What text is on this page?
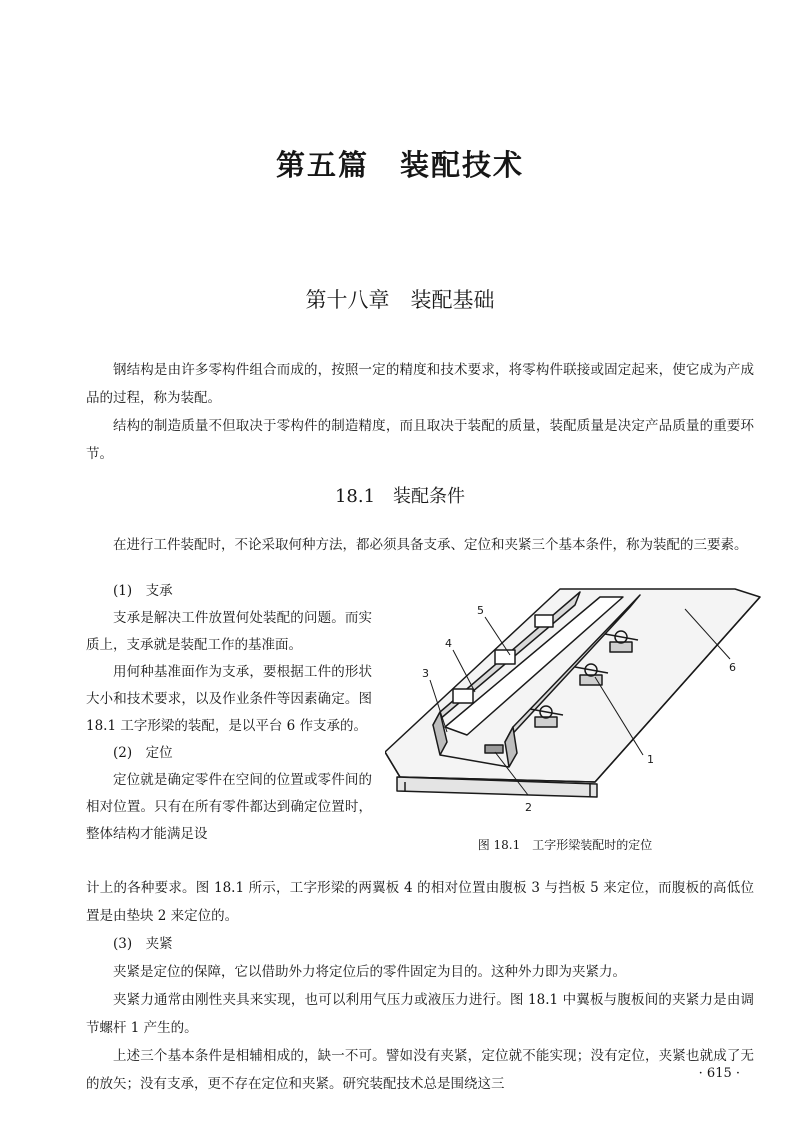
第五篇　装配技术
第十八章　装配基础

钢结构是由许多零构件组合而成的，按照一定的精度和技术要求，将零构件联接或固定起来，使它成为产成品的过程，称为装配。

结构的制造质量不但取决于零构件的制造精度，而且取决于装配的质量，装配质量是决定产品质量的重要环节。

18.1　装配条件

在进行工件装配时，不论采取何种方法，都必须具备支承、定位和夹紧三个基本条件，称为装配的三要素。

(1)　支承

支承是解决工件放置何处装配的问题。而实质上，支承就是装配工作的基准面。

用何种基准面作为支承，要根据工件的形状大小和技术要求，以及作业条件等因素确定。图 18.1 工字形梁的装配，是以平台 6 作支承的。

(2)　定位

定位就是确定零件在空间的位置或零件间的相对位置。只有在所有零件都达到确定位置时，整体结构才能满足设

1
2
3
4
5
6
图 18.1　工字形梁装配时的定位

计上的各种要求。图 18.1 所示，工字形梁的两翼板 4 的相对位置由腹板 3 与挡板 5 来定位，而腹板的高低位置是由垫块 2 来定位的。

(3)　夹紧

夹紧是定位的保障，它以借助外力将定位后的零件固定为目的。这种外力即为夹紧力。

夹紧力通常由刚性夹具来实现，也可以利用气压力或液压力进行。图 18.1 中翼板与腹板间的夹紧力是由调节螺杆 1 产生的。

上述三个基本条件是相辅相成的，缺一不可。譬如没有夹紧，定位就不能实现；没有定位，夹紧也就成了无的放矢；没有支承，更不存在定位和夹紧。研究装配技术总是围绕这三

· 615 ·
